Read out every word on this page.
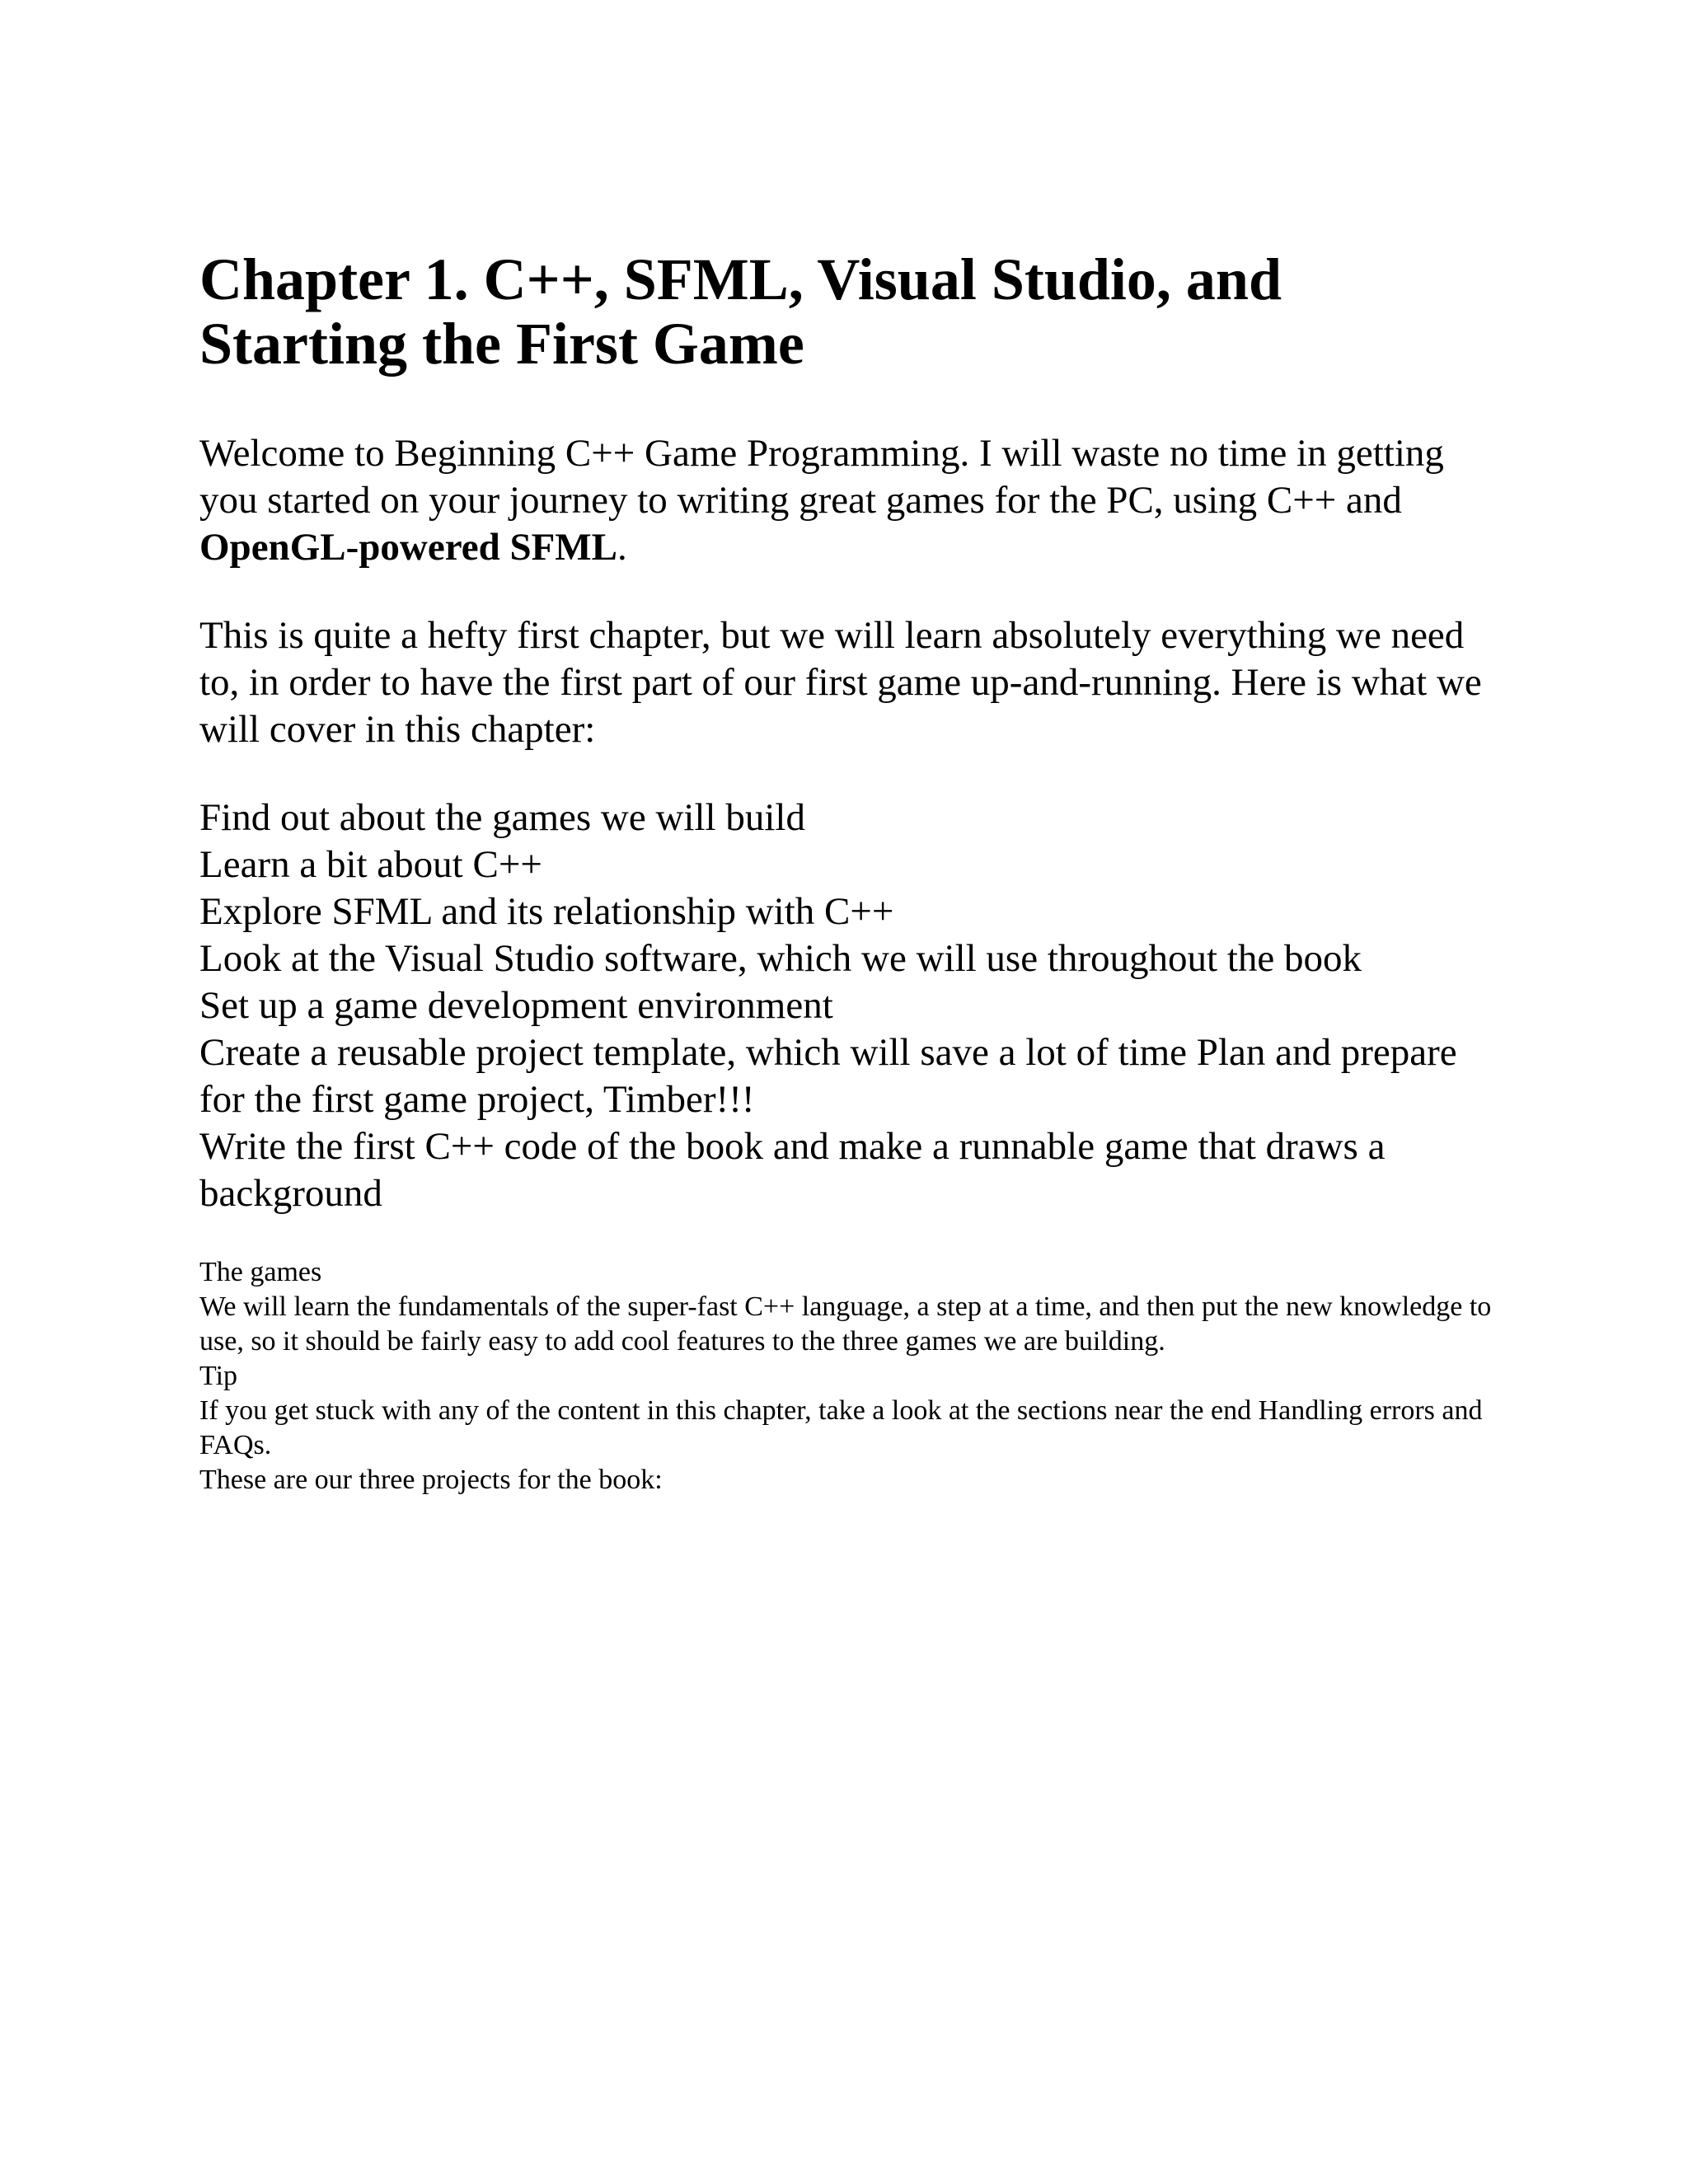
Chapter 1. C++, SFML, Visual Studio, and Starting the First Game

Welcome to Beginning C++ Game Programming. I will waste no time in getting you started on your journey to writing great games for the PC, using C++ and OpenGL-powered SFML.

This is quite a hefty first chapter, but we will learn absolutely everything we need to, in order to have the first part of our first game up-and-running. Here is what we will cover in this chapter:

Find out about the games we will build
Learn a bit about C++
Explore SFML and its relationship with C++
Look at the Visual Studio software, which we will use throughout the book
Set up a game development environment
Create a reusable project template, which will save a lot of time Plan and prepare for the first game project, Timber!!!
Write the first C++ code of the book and make a runnable game that draws a background

The games

We will learn the fundamentals of the super-fast C++ language, a step at a time, and then put the new knowledge to use, so it should be fairly easy to add cool features to the three games we are building.

Tip

If you get stuck with any of the content in this chapter, take a look at the sections near the end Handling errors and FAQs.

These are our three projects for the book:
